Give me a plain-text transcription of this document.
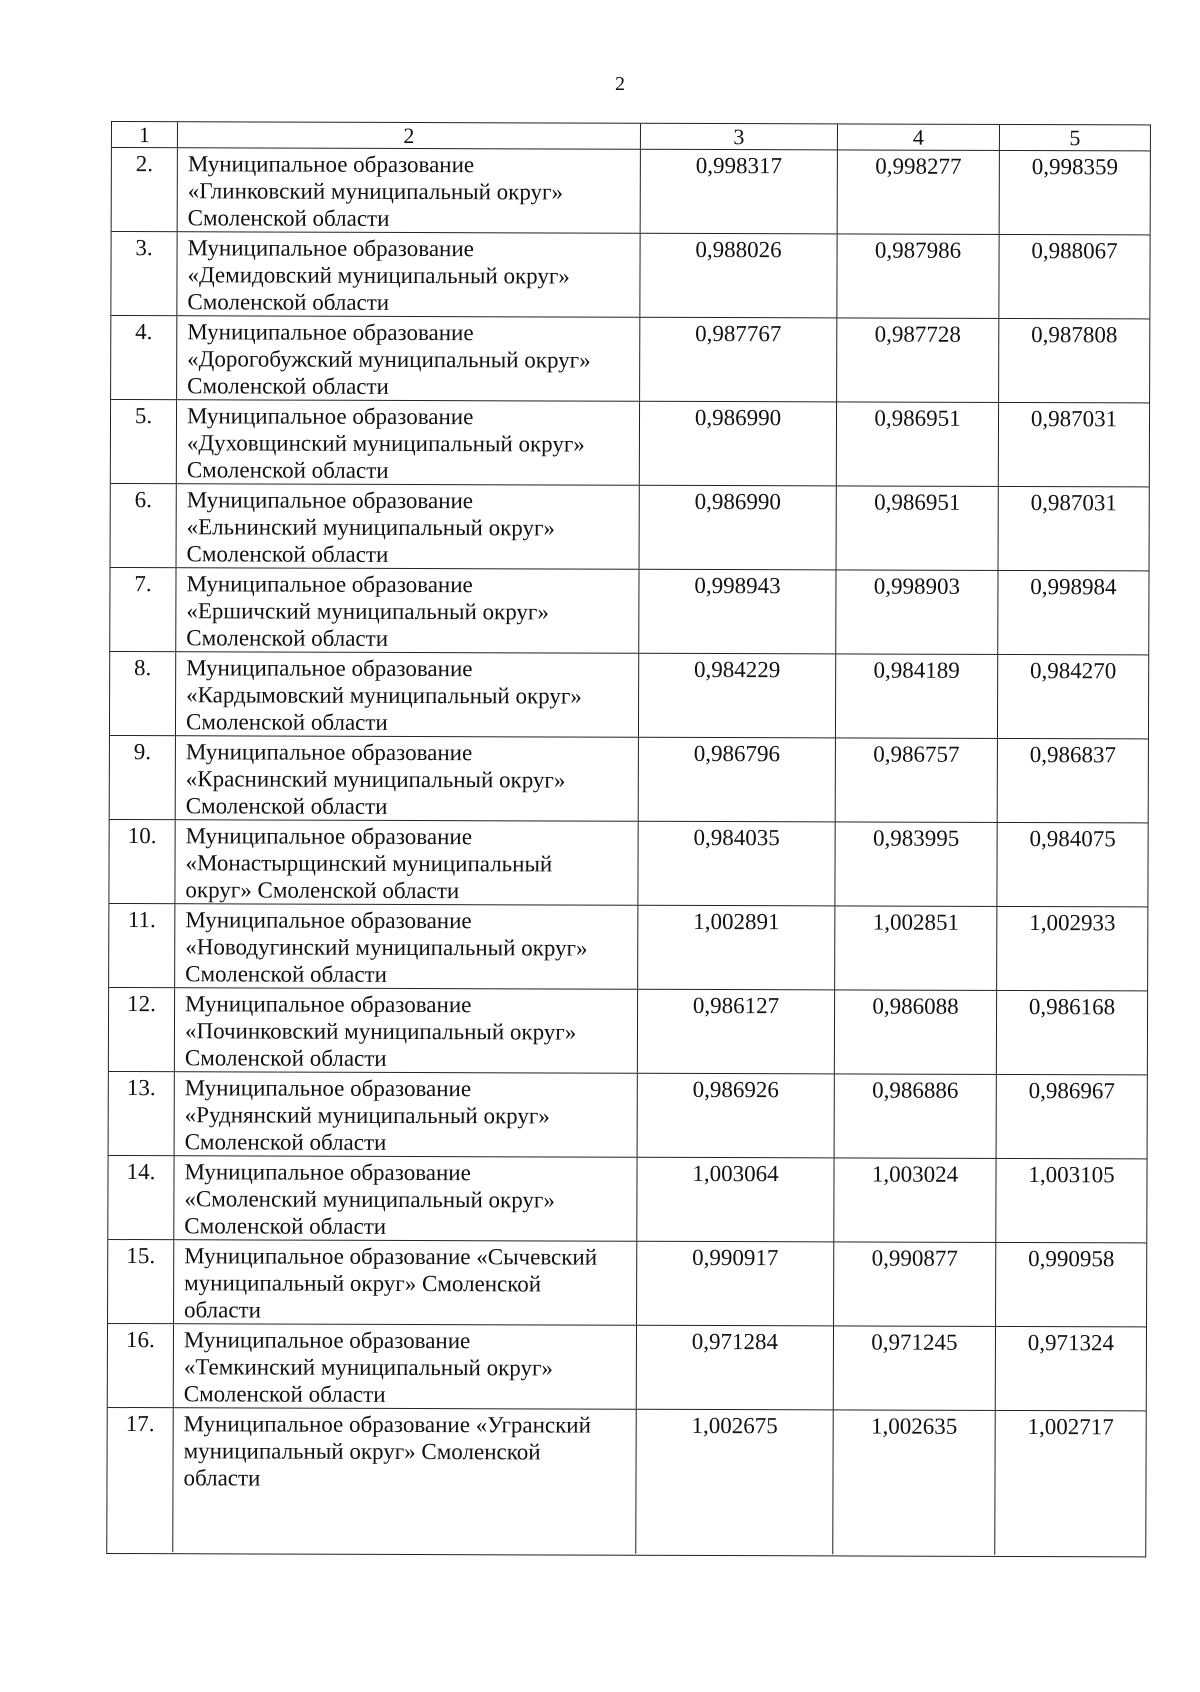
2
1	2	3	4	5
2.	Муниципальное образование
«Глинковский муниципальный округ»
Смоленской области
0,998317	0,998277	0,998359
3.	Муниципальное образование
«Демидовский муниципальный округ»
Смоленской области
0,988026	0,987986	0,988067
4.	Муниципальное образование
«Дорогобужский муниципальный округ»
Смоленской области
0,987767	0,987728	0,987808
5.	Муниципальное образование
«Духовщинский муниципальный округ»
Смоленской области
0,986990	0,986951	0,987031
6.	Муниципальное образование
«Ельнинский муниципальный округ»
Смоленской области
0,986990	0,986951	0,987031
7.	Муниципальное образование
«Ершичский муниципальный округ»
Смоленской области
0,998943	0,998903	0,998984
8.	Муниципальное образование
«Кардымовский муниципальный округ»
Смоленской области
0,984229	0,984189	0,984270
9.	Муниципальное образование
«Краснинский муниципальный округ»
Смоленской области
0,986796	0,986757	0,986837
10.	Муниципальное образование
«Монастырщинский муниципальный
округ» Смоленской области
0,984035	0,983995	0,984075
11.	Муниципальное образование
«Новодугинский муниципальный округ»
Смоленской области
1,002891	1,002851	1,002933
12.	Муниципальное образование
«Починковский муниципальный округ»
Смоленской области
0,986127	0,986088	0,986168
13.	Муниципальное образование
«Руднянский муниципальный округ»
Смоленской области
0,986926	0,986886	0,986967
14.	Муниципальное образование
«Смоленский муниципальный округ»
Смоленской области
1,003064	1,003024	1,003105
15.	Муниципальное образование «Сычевский
муниципальный округ» Смоленской
области
0,990917	0,990877	0,990958
16.	Муниципальное образование
«Темкинский муниципальный округ»
Смоленской области
0,971284	0,971245	0,971324
17.	Муниципальное образование «Угранский
муниципальный округ» Смоленской
области
1,002675	1,002635	1,002717
